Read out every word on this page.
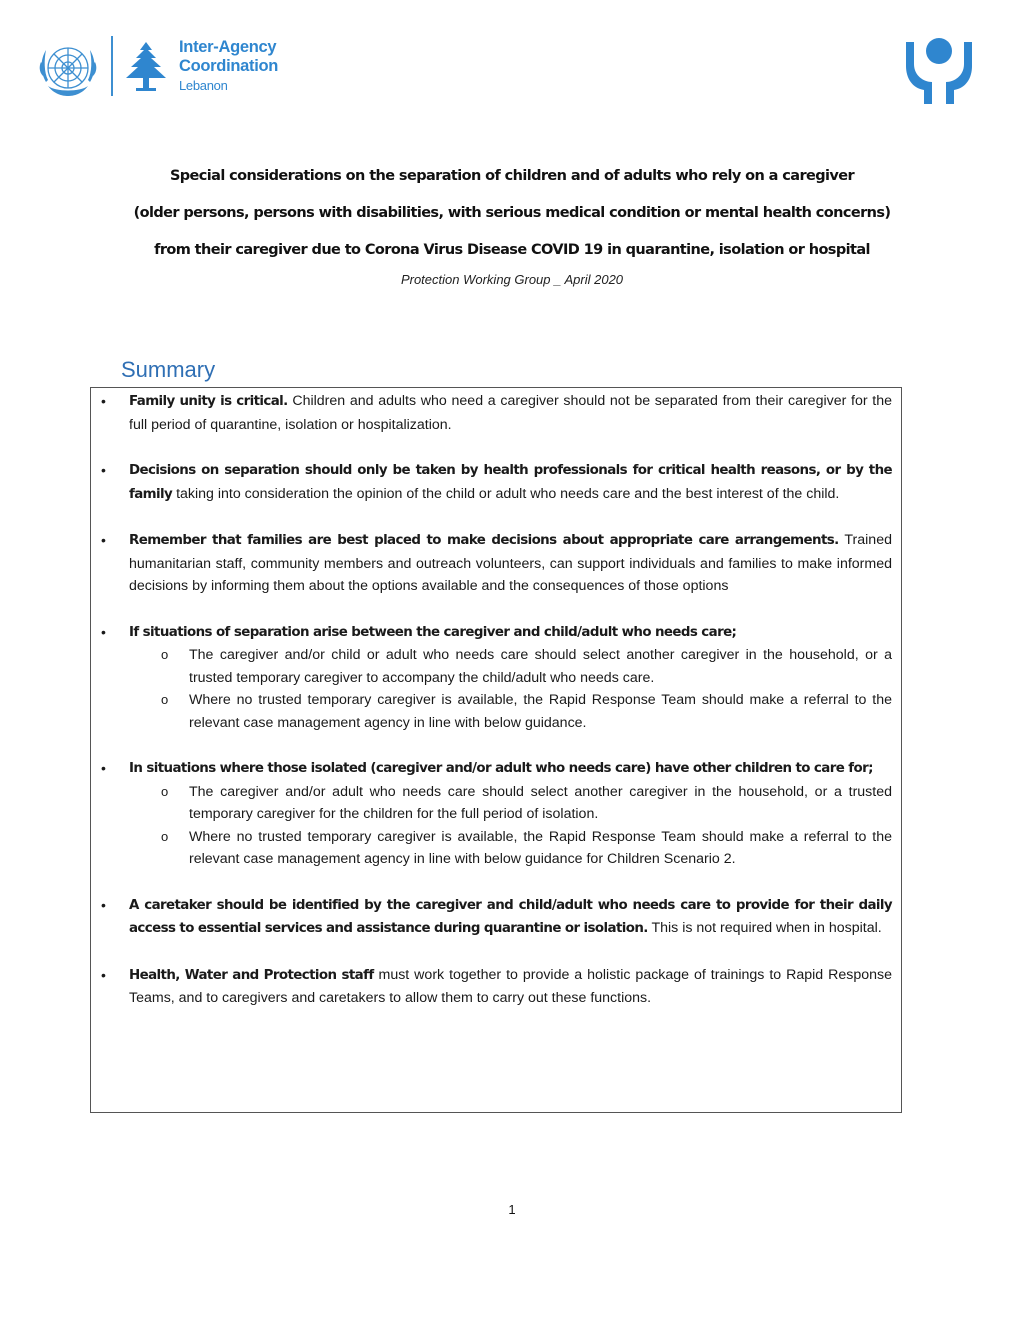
Inter-Agency
Coordination
Lebanon
Special considerations on the separation of children and of adults who rely on a caregiver
(older persons, persons with disabilities, with serious medical condition or mental health concerns)
from their caregiver due to Corona Virus Disease COVID 19 in quarantine, isolation or hospital
Protection Working Group _ April 2020
Summary
• Family unity is critical. Children and adults who need a caregiver should not be separated from their caregiver for the full period of quarantine, isolation or hospitalization.
• Decisions on separation should only be taken by health professionals for critical health reasons, or by the family taking into consideration the opinion of the child or adult who needs care and the best interest of the child.
• Remember that families are best placed to make decisions about appropriate care arrangements. Trained humanitarian staff, community members and outreach volunteers, can support individuals and families to make informed decisions by informing them about the options available and the consequences of those options
• If situations of separation arise between the caregiver and child/adult who needs care;
o The caregiver and/or child or adult who needs care should select another caregiver in the household, or a trusted temporary caregiver to accompany the child/adult who needs care.
o Where no trusted temporary caregiver is available, the Rapid Response Team should make a referral to the relevant case management agency in line with below guidance.
• In situations where those isolated (caregiver and/or adult who needs care) have other children to care for;
o The caregiver and/or adult who needs care should select another caregiver in the household, or a trusted temporary caregiver for the children for the full period of isolation.
o Where no trusted temporary caregiver is available, the Rapid Response Team should make a referral to the relevant case management agency in line with below guidance for Children Scenario 2.
• A caretaker should be identified by the caregiver and child/adult who needs care to provide for their daily access to essential services and assistance during quarantine or isolation. This is not required when in hospital.
• Health, Water and Protection staff must work together to provide a holistic package of trainings to Rapid Response Teams, and to caregivers and caretakers to allow them to carry out these functions.
1
